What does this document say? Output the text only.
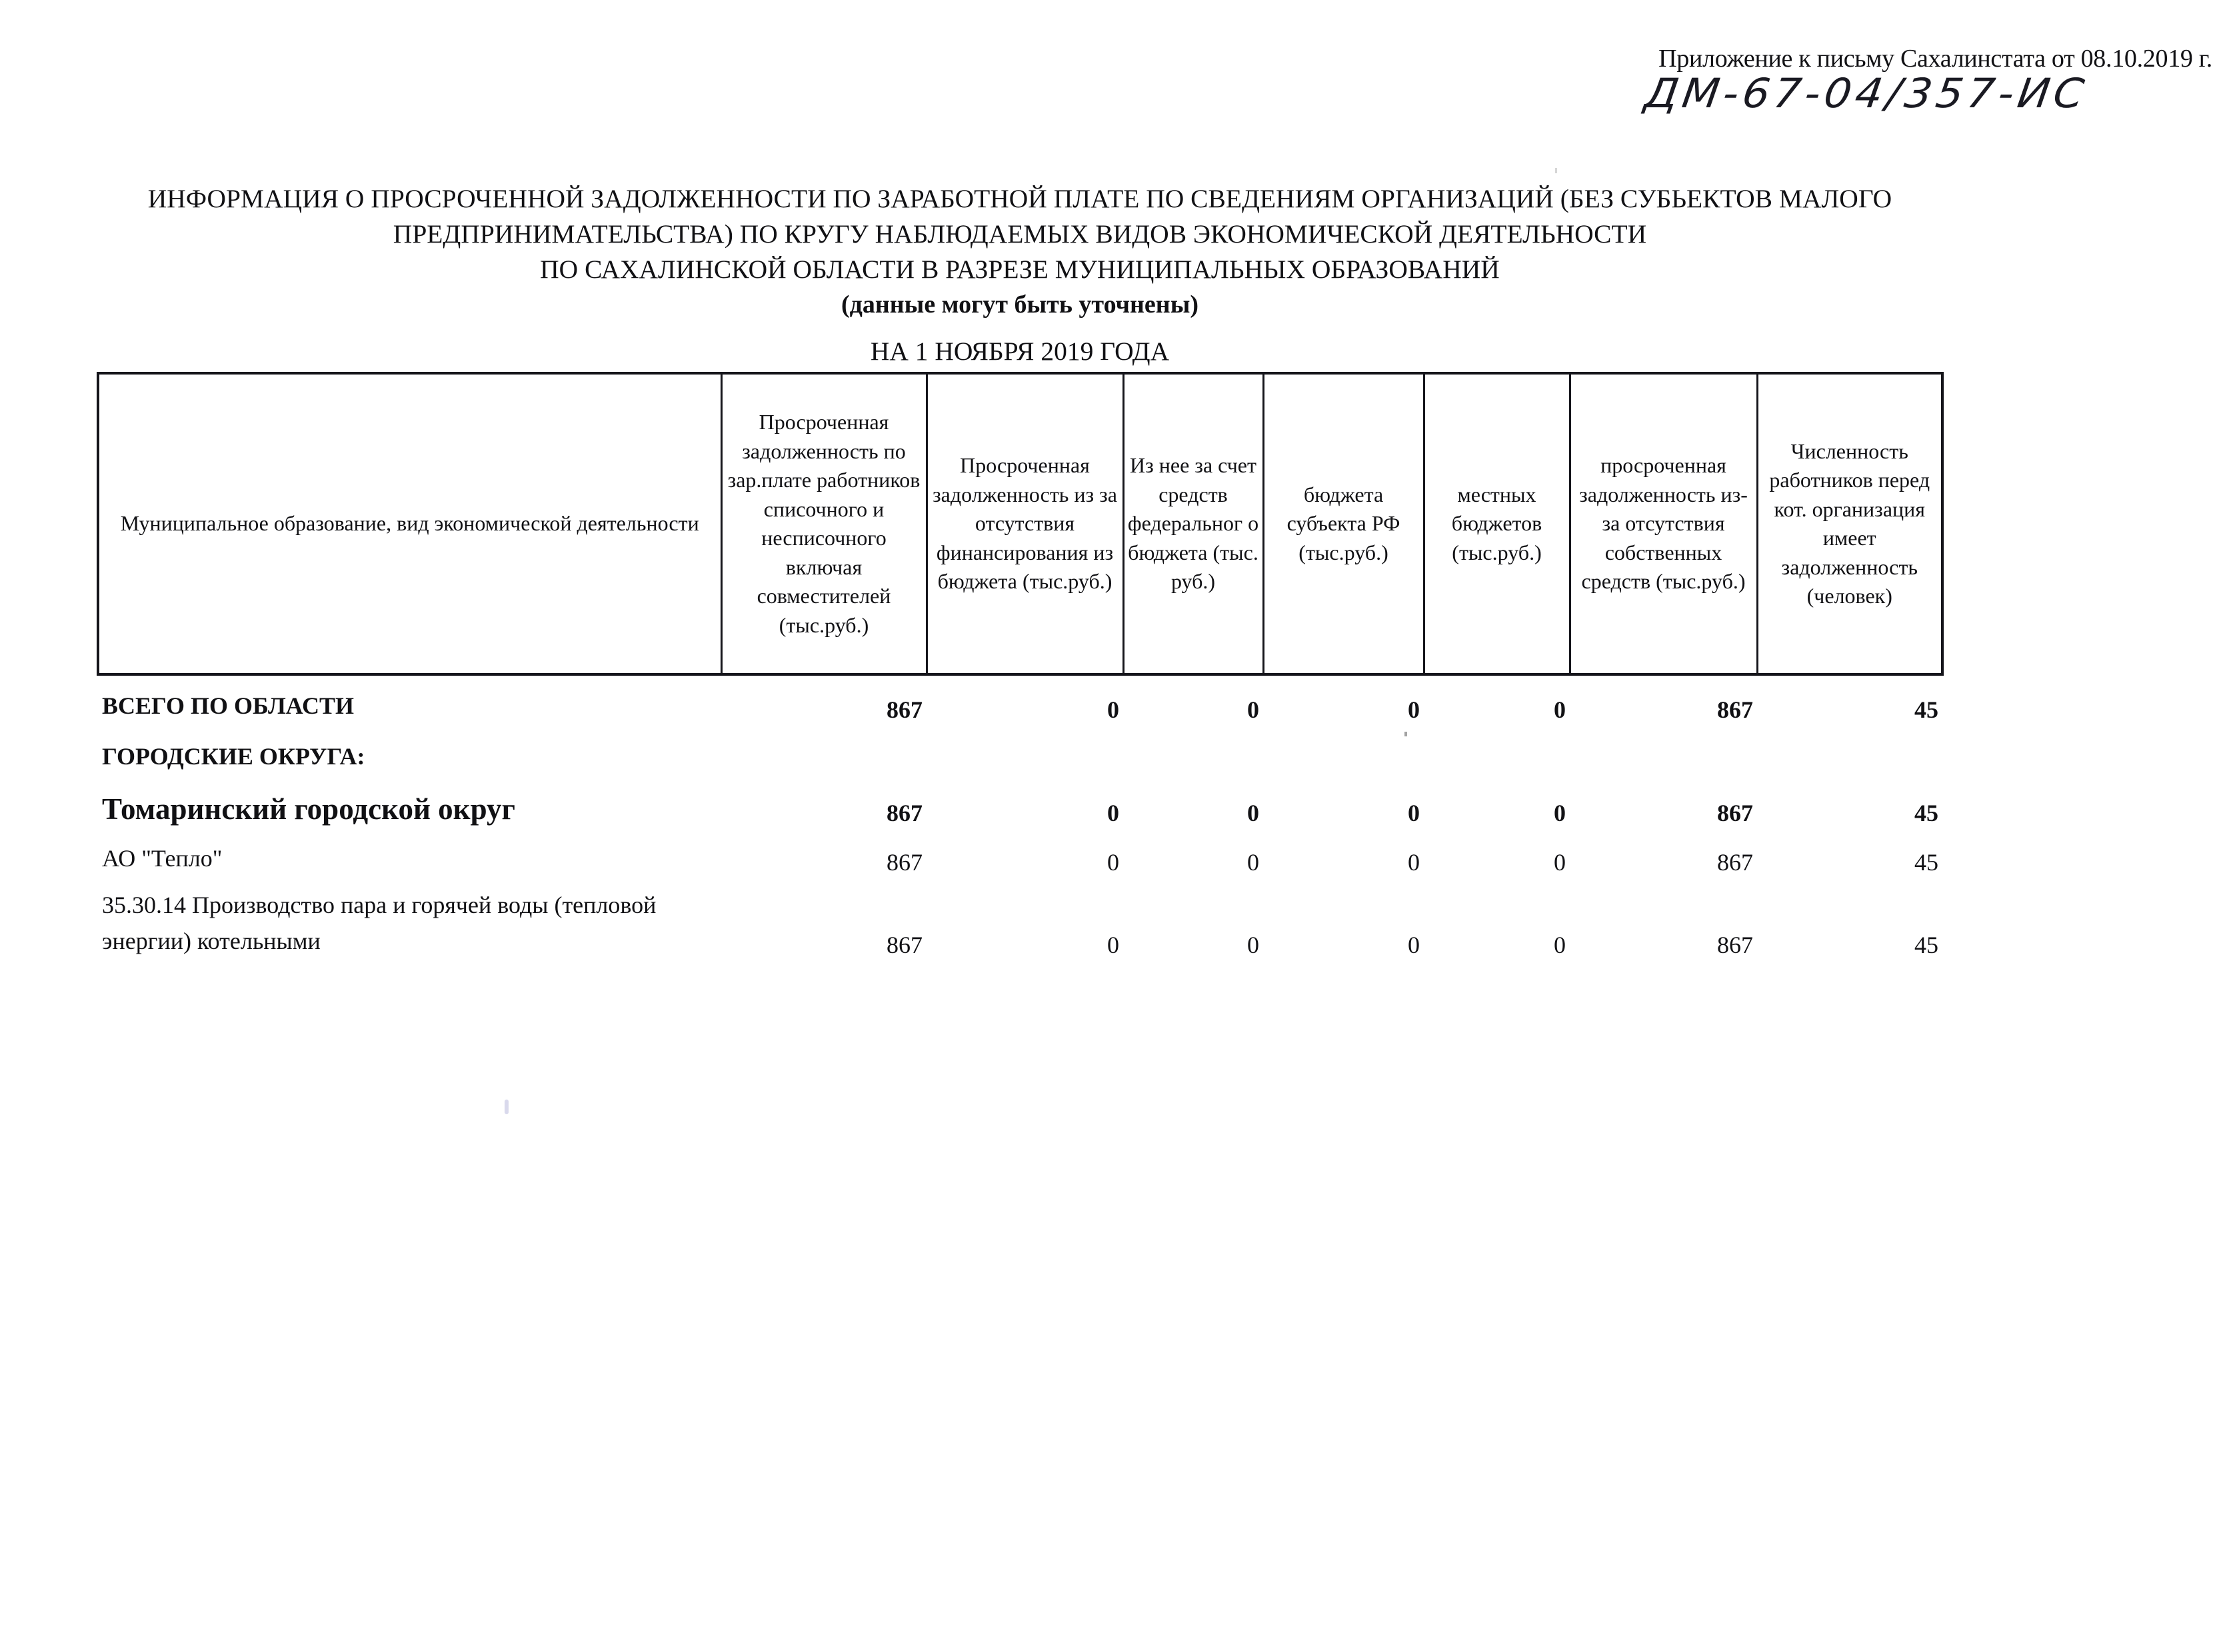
Приложение к письму Сахалинстата от 08.10.2019 г.
ДМ-67-04/357-ИС
ИНФОРМАЦИЯ О ПРОСРОЧЕННОЙ ЗАДОЛЖЕННОСТИ ПО ЗАРАБОТНОЙ ПЛАТЕ ПО СВЕДЕНИЯМ ОРГАНИЗАЦИЙ (БЕЗ СУБЬЕКТОВ МАЛОГО
ПРЕДПРИНИМАТЕЛЬСТВА) ПО КРУГУ НАБЛЮДАЕМЫХ ВИДОВ ЭКОНОМИЧЕСКОЙ ДЕЯТЕЛЬНОСТИ
ПО САХАЛИНСКОЙ ОБЛАСТИ В РАЗРЕЗЕ МУНИЦИПАЛЬНЫХ ОБРАЗОВАНИЙ
(данные могут быть уточнены)
НА 1 НОЯБРЯ 2019 ГОДА
Муниципальное образование, вид экономической деятельности	Просроченная задолженность по зар.плате работников списочного и несписочного включая совместителей (тыс.руб.)	Просроченная задолженность из за отсутствия финансирования из бюджета (тыс.руб.)	Из нее за счет средств федеральног о бюджета (тыс. руб.)	бюджета субъекта РФ (тыс.руб.)	местных бюджетов (тыс.руб.)	просроченная задолженность из-за отсутствия собственных средств (тыс.руб.)	Численность работников перед кот. организация имеет задолженность (человек)
ВСЕГО ПО ОБЛАСТИ	867	0	0	0	0	867	45
ГОРОДСКИЕ ОКРУГА:							
Томаринский городской округ	867	0	0	0	0	867	45
АО "Тепло"	867	0	0	0	0	867	45
35.30.14 Производство пара и горячей воды (тепловой энергии) котельными	867	0	0	0	0	867	45
